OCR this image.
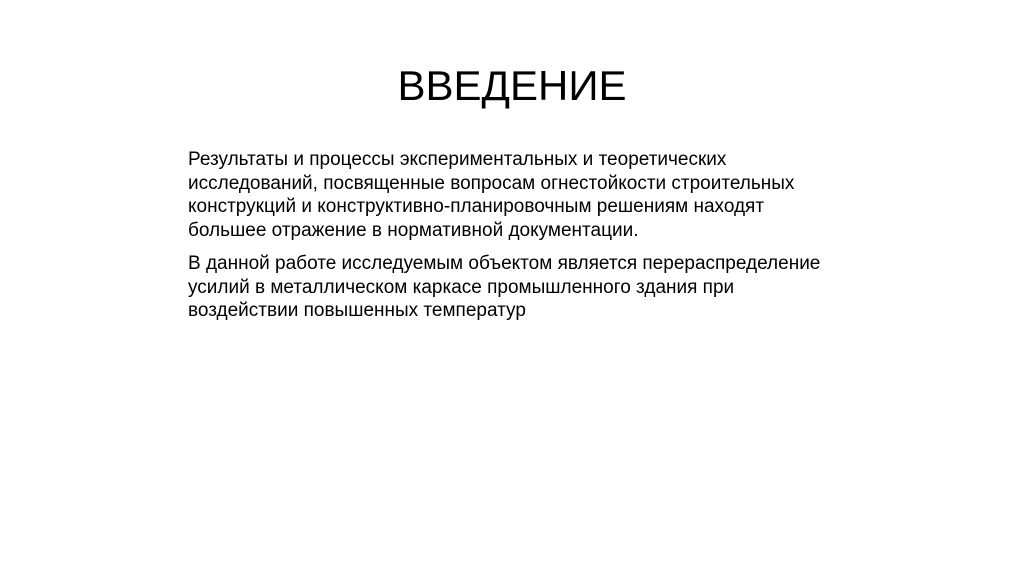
ВВЕДЕНИЕ

Результаты и процессы экспериментальных и теоретических исследований, посвященные вопросам огнестойкости строительных конструкций и конструктивно-планировочным решениям находят большее отражение в нормативной документации.

В данной работе исследуемым объектом является перераспределение усилий в металлическом каркасе промышленного здания при воздействии повышенных температур
